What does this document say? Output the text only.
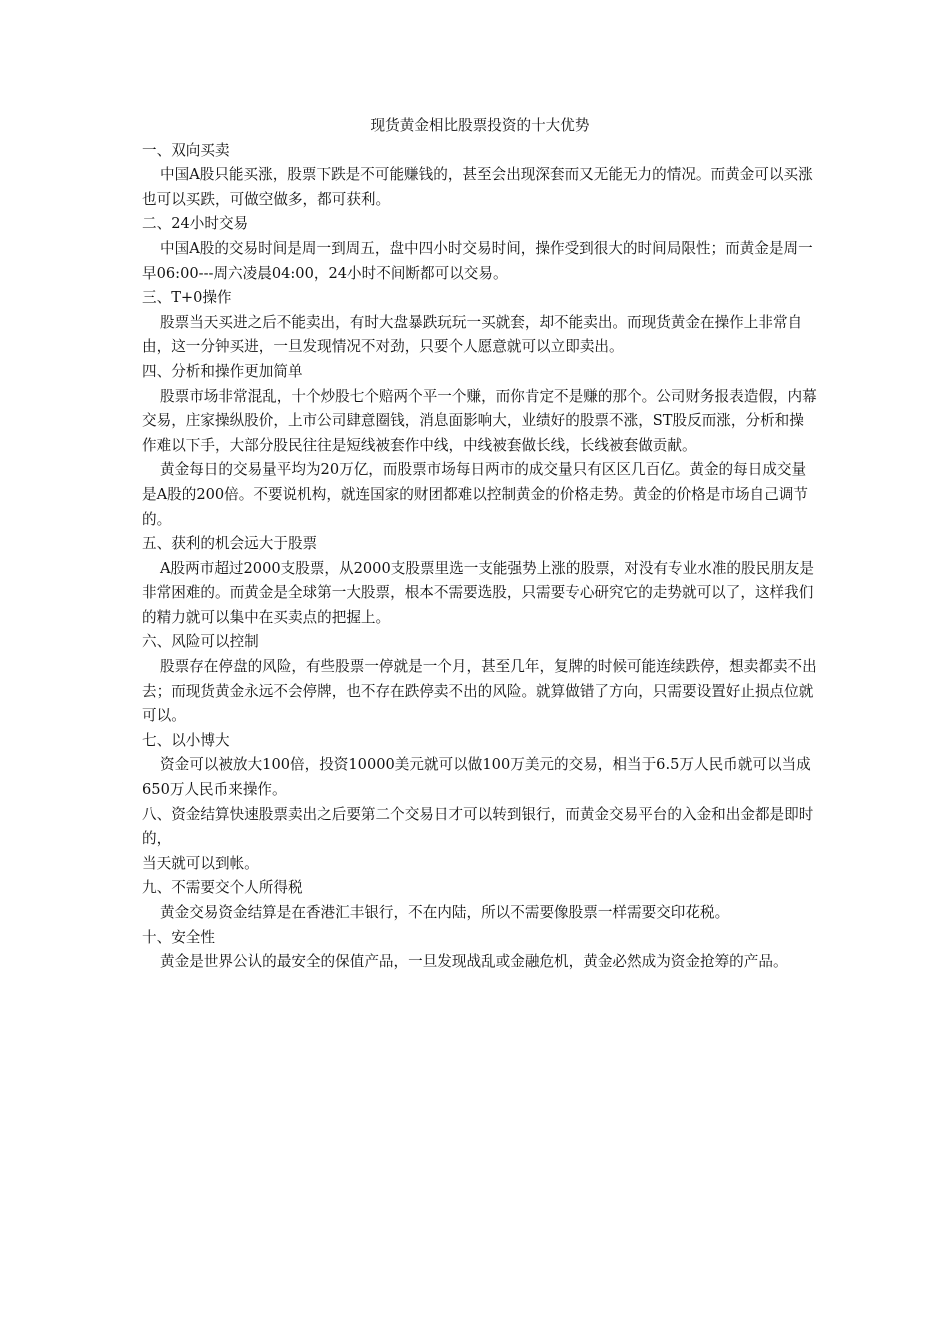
现货黄金相比股票投资的十大优势

一、双向买卖

中国A股只能买涨，股票下跌是不可能赚钱的，甚至会出现深套而又无能无力的情况。而黄金可以买涨也可以买跌，可做空做多，都可获利。

二、24小时交易

中国A股的交易时间是周一到周五，盘中四小时交易时间，操作受到很大的时间局限性；而黄金是周一早06:00---周六凌晨04:00，24小时不间断都可以交易。

三、T+0操作

股票当天买进之后不能卖出，有时大盘暴跌玩玩一买就套，却不能卖出。而现货黄金在操作上非常自由，这一分钟买进，一旦发现情况不对劲，只要个人愿意就可以立即卖出。

四、分析和操作更加简单

股票市场非常混乱，十个炒股七个赔两个平一个赚，而你肯定不是赚的那个。公司财务报表造假，内幕交易，庄家操纵股价，上市公司肆意圈钱，消息面影响大，业绩好的股票不涨，ST股反而涨，分析和操作难以下手，大部分股民往往是短线被套作中线，中线被套做长线，长线被套做贡献。

黄金每日的交易量平均为20万亿，而股票市场每日两市的成交量只有区区几百亿。黄金的每日成交量是A股的200倍。不要说机构，就连国家的财团都难以控制黄金的价格走势。黄金的价格是市场自己调节的。

五、获利的机会远大于股票

A股两市超过2000支股票，从2000支股票里选一支能强势上涨的股票，对没有专业水准的股民朋友是非常困难的。而黄金是全球第一大股票，根本不需要选股，只需要专心研究它的走势就可以了，这样我们的精力就可以集中在买卖点的把握上。

六、风险可以控制

股票存在停盘的风险，有些股票一停就是一个月，甚至几年，复牌的时候可能连续跌停，想卖都卖不出去；而现货黄金永远不会停牌，也不存在跌停卖不出的风险。就算做错了方向，只需要设置好止损点位就可以。

七、以小博大

资金可以被放大100倍，投资10000美元就可以做100万美元的交易，相当于6.5万人民币就可以当成650万人民币来操作。

八、资金结算快速股票卖出之后要第二个交易日才可以转到银行，而黄金交易平台的入金和出金都是即时的，

当天就可以到帐。

九、不需要交个人所得税

黄金交易资金结算是在香港汇丰银行，不在内陆，所以不需要像股票一样需要交印花税。

十、安全性

黄金是世界公认的最安全的保值产品，一旦发现战乱或金融危机，黄金必然成为资金抢筹的产品。
